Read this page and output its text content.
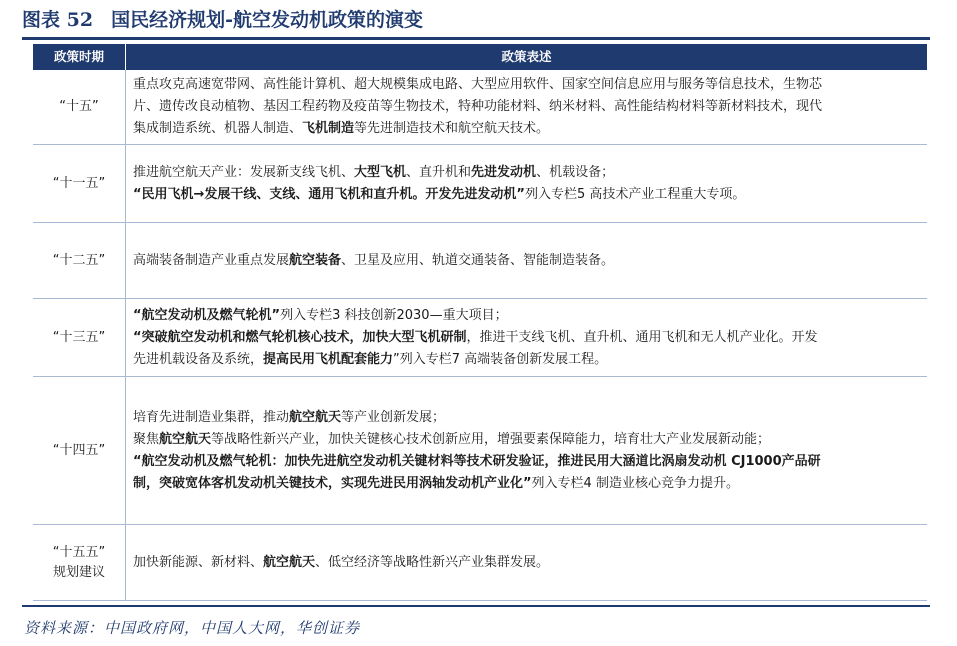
图表 52 国民经济规划-航空发动机政策的演变
政策时期	政策表述

“十五”	重点攻克高速宽带网、高性能计算机、超大规模集成电路、大型应用软件、国家空间信息应用与服务等信息技术，生物芯
片、遗传改良动植物、基因工程药物及疫苗等生物技术，特种功能材料、纳米材料、高性能结构材料等新材料技术，现代
集成制造系统、机器人制造、飞机制造等先进制造技术和航空航天技术。

“十一五”	推进航空航天产业：发展新支线飞机、大型飞机、直升机和先进发动机、机载设备；
“民用飞机→发展干线、支线、通用飞机和直升机。开发先进发动机”列入专栏5 高技术产业工程重大专项。

“十二五”	高端装备制造产业重点发展航空装备、卫星及应用、轨道交通装备、智能制造装备。

“十三五”	“航空发动机及燃气轮机”列入专栏3 科技创新2030—重大项目；
“突破航空发动机和燃气轮机核心技术，加快大型飞机研制，推进干支线飞机、直升机、通用飞机和无人机产业化。开发
先进机载设备及系统，提高民用飞机配套能力”列入专栏7 高端装备创新发展工程。

“十四五”	培育先进制造业集群，推动航空航天等产业创新发展；
聚焦航空航天等战略性新兴产业，加快关键核心技术创新应用，增强要素保障能力，培育壮大产业发展新动能；
“航空发动机及燃气轮机：加快先进航空发动机关键材料等技术研发验证，推进民用大涵道比涡扇发动机 CJ1000产品研
制，突破宽体客机发动机关键技术，实现先进民用涡轴发动机产业化”列入专栏4 制造业核心竞争力提升。

“十五五”
规划建议	加快新能源、新材料、航空航天、低空经济等战略性新兴产业集群发展。
资料来源：中国政府网，中国人大网，华创证券
